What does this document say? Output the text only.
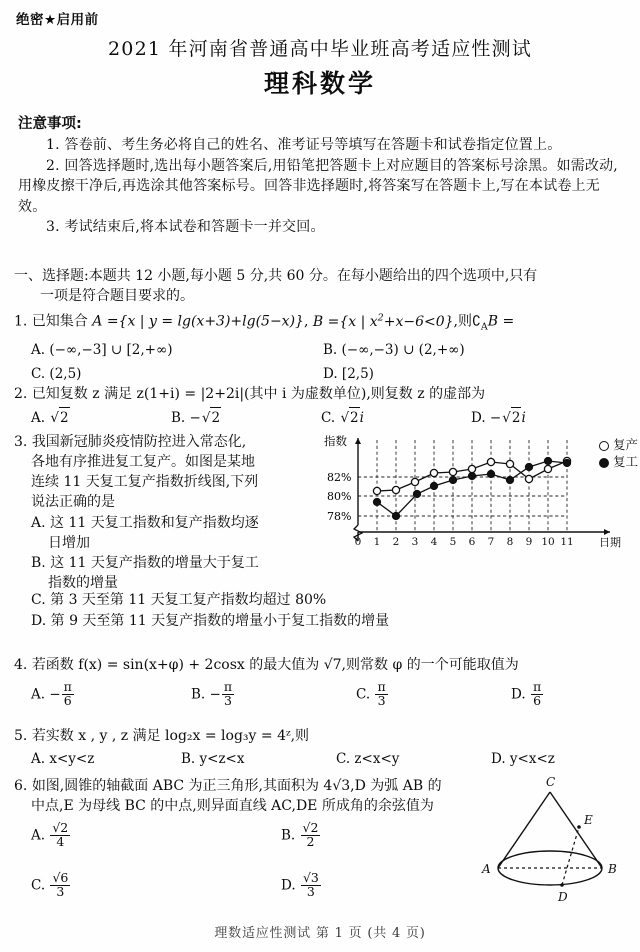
绝密★启用前
2021 年河南省普通高中毕业班高考适应性测试
理科数学
注意事项:
1. 答卷前、考生务必将自己的姓名、准考证号等填写在答题卡和试卷指定位置上。
2. 回答选择题时,选出每小题答案后,用铅笔把答题卡上对应题目的答案标号涂黑。如需改动,用橡皮擦干净后,再选涂其他答案标号。回答非选择题时,将答案写在答题卡上,写在本试卷上无效。
3. 考试结束后,将本试卷和答题卡一并交回。
一、选择题:本题共 12 小题,每小题 5 分,共 60 分。在每小题给出的四个选项中,只有
一项是符合题目要求的。
1. 已知集合 A ={x | y = lg(x+3)+lg(5−x)}, B ={x | $x^2+x-6<0$},则$∁_AB$ =
A. (−∞,−3] ∪ [2,+∞)	B. (−∞,−3) ∪ (2,+∞)
C. (2,5)	D. [2,5)
2. 已知复数 z 满足 z(1+i) = |2+2i|(其中 i 为虚数单位),则复数 z 的虚部为
A. √2	B. −√2	C. √2i	D. −√2i
3. 我国新冠肺炎疫情防控进入常态化,
各地有序推进复工复产。如图是某地
连续 11 天复工复产指数折线图,下列
说法正确的是
A. 这 11 天复工指数和复产指数均逐
日增加
B. 这 11 天复产指数的增量大于复工
指数的增量
C. 第 3 天至第 11 天复工复产指数均超过 80%
D. 第 9 天至第 11 天复产指数的增量小于复工指数的增量
指数
82%
80%
78%
0 1 2 3 4 5 6 7 8 9 10 11 日期
复产
复工
4. 若函数 f(x) = sin(x+φ) + 2cosx 的最大值为 √7,则常数 φ 的一个可能取值为
A. − $\frac{\pi}{6}$	B. − $\frac{\pi}{3}$	C. $\frac{\pi}{3}$	D. $\frac{\pi}{6}$
5. 若实数 x , y , z 满足 log₂x = log₃y = 4ᶻ,则
A. x<y<z	B. y<z<x	C. z<x<y	D. y<x<z
6. 如图,圆锥的轴截面 ABC 为正三角形,其面积为 4√3,D 为弧 AB 的
中点,E 为母线 BC 的中点,则异面直线 AC,DE 所成角的余弦值为
A. $\frac{√2}{4}$	B. $\frac{√2}{2}$
C. $\frac{√6}{3}$	D. $\frac{√3}{3}$
C
A	B
D
E
理数适应性测试 第 1 页 (共 4 页)
